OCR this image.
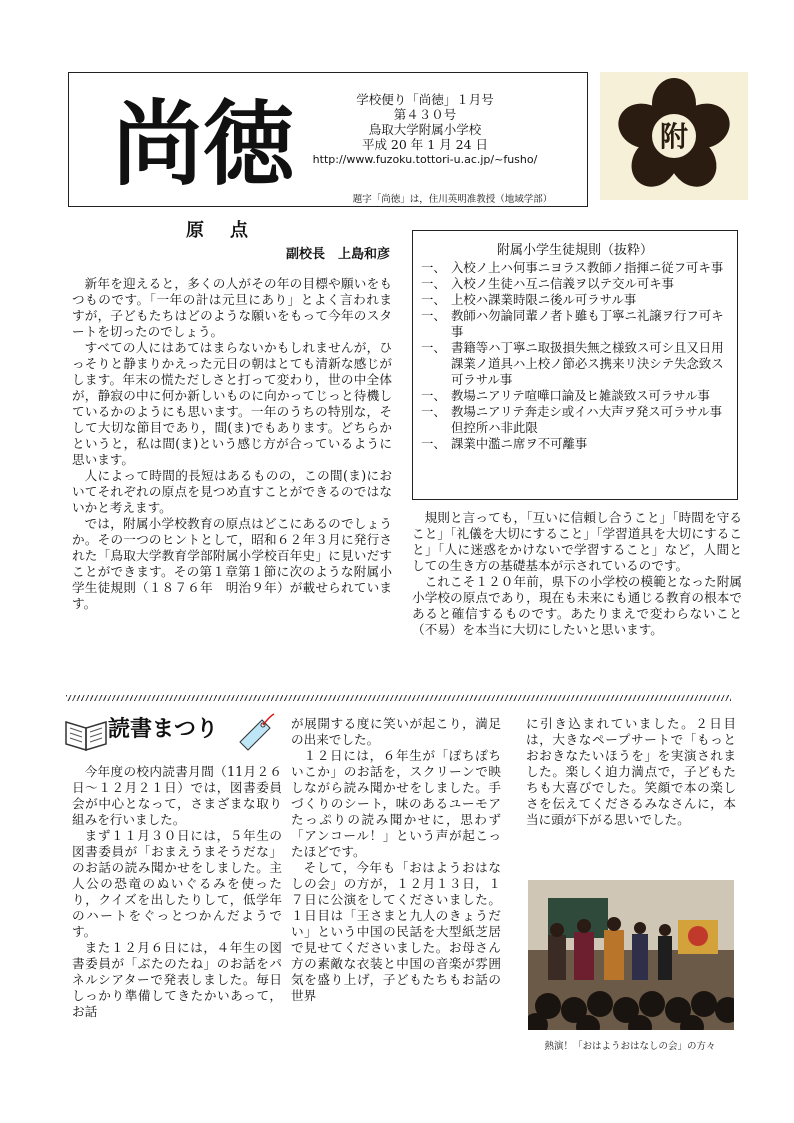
尚徳	学校便り「尚徳」１月号
第４３０号
鳥取大学附属小学校
平成 20 年 1 月 24 日
http://www.fuzoku.tottori-u.ac.jp/~fusho/
題字「尚徳」は，住川英明准教授（地域学部）
附
原点
副校長　上島和彦

新年を迎えると，多くの人がその年の目標や願いをもつものです。「一年の計は元旦にあり」とよく言われますが，子どもたちはどのような願いをもって今年のスタートを切ったのでしょう。

すべての人にはあてはまらないかもしれませんが，ひっそりと静まりかえった元日の朝はとても清新な感じがします。年末の慌ただしさと打って変わり，世の中全体が，静寂の中に何か新しいものに向かってじっと待機しているかのようにも思います。一年のうちの特別な，そして大切な節目であり，間(ま)でもあります。どちらかというと，私は間(ま)という感じ方が合っているように思います。

人によって時間的長短はあるものの，この間(ま)においてそれぞれの原点を見つめ直すことができるのではないかと考えます。

では，附属小学校教育の原点はどこにあるのでしょうか。その一つのヒントとして，昭和６２年３月に発行された「鳥取大学教育学部附属小学校百年史」に見いだすことができます。その第１章第１節に次のような附属小学生徒規則（１８７６年　明治９年）が載せられています。

附属小学生徒規則（抜粋）
一、 入校ノ上ハ何事ニヨラス教師ノ指揮ニ従フ可キ事
一、 入校ノ生徒ハ互ニ信義ヲ以テ交ル可キ事
一、 上校ハ課業時限ニ後ル可ラサル事
一、 教師ハ勿論同輩ノ者ト雖も丁寧ニ礼譲ヲ行フ可キ事
一、 書籍等ハ丁寧ニ取扱損失無之様致ス可シ且又日用課業ノ道具ハ上校ノ節必ス携来リ決シテ失念致ス可ラサル事
一、 教場ニアリテ喧嘩口論及ヒ雑談致ス可ラサル事
一、 教場ニアリテ奔走シ或イハ大声ヲ発ス可ラサル事但控所ハ非此限
一、 課業中濫ニ席ヲ不可離事

規則と言っても，「互いに信頼し合うこと」「時間を守ること」「礼儀を大切にすること」「学習道具を大切にすること」「人に迷惑をかけないで学習すること」など，人間としての生き方の基礎基本が示されているのです。

これこそ１２０年前，県下の小学校の模範となった附属小学校の原点であり，現在も未来にも通じる教育の根本であると確信するものです。あたりまえで変わらないこと（不易）を本当に大切にしたいと思います。

読書まつり

今年度の校内読書月間（11月２６日〜１２月２１日）では，図書委員会が中心となって，さまざまな取り組みを行いました。

まず１１月３０日には，５年生の図書委員が「おまえうまそうだな」のお話の読み聞かせをしました。主人公の恐竜のぬいぐるみを使ったり，クイズを出したりして，低学年のハートをぐっとつかんだようです。

また１２月６日には，４年生の図書委員が「ぶたのたね」のお話をパネルシアターで発表しました。毎日しっかり準備してきたかいあって，お話

が展開する度に笑いが起こり，満足の出来でした。

１２日には，６年生が「ぽちぽちいこか」のお話を，スクリーンで映しながら読み聞かせをしました。手づくりのシート，味のあるユーモアたっぷりの読み聞かせに，思わず「アンコール！」という声が起こったほどです。

そして，今年も「おはようおはなしの会」の方が，１２月１３日，１７日に公演をしてくださいました。１日目は「王さまと九人のきょうだい」という中国の民話を大型紙芝居で見せてくださいました。お母さん方の素敵な衣装と中国の音楽が雰囲気を盛り上げ，子どもたちもお話の世界

に引き込まれていました。２日目は，大きなペープサートで「もっとおおきなたいほうを」を実演されました。楽しく迫力満点で，子どもたちも大喜びでした。笑顔で本の楽しさを伝えてくださるみなさんに，本当に頭が下がる思いでした。

熱演！「おはようおはなしの会」の方々
